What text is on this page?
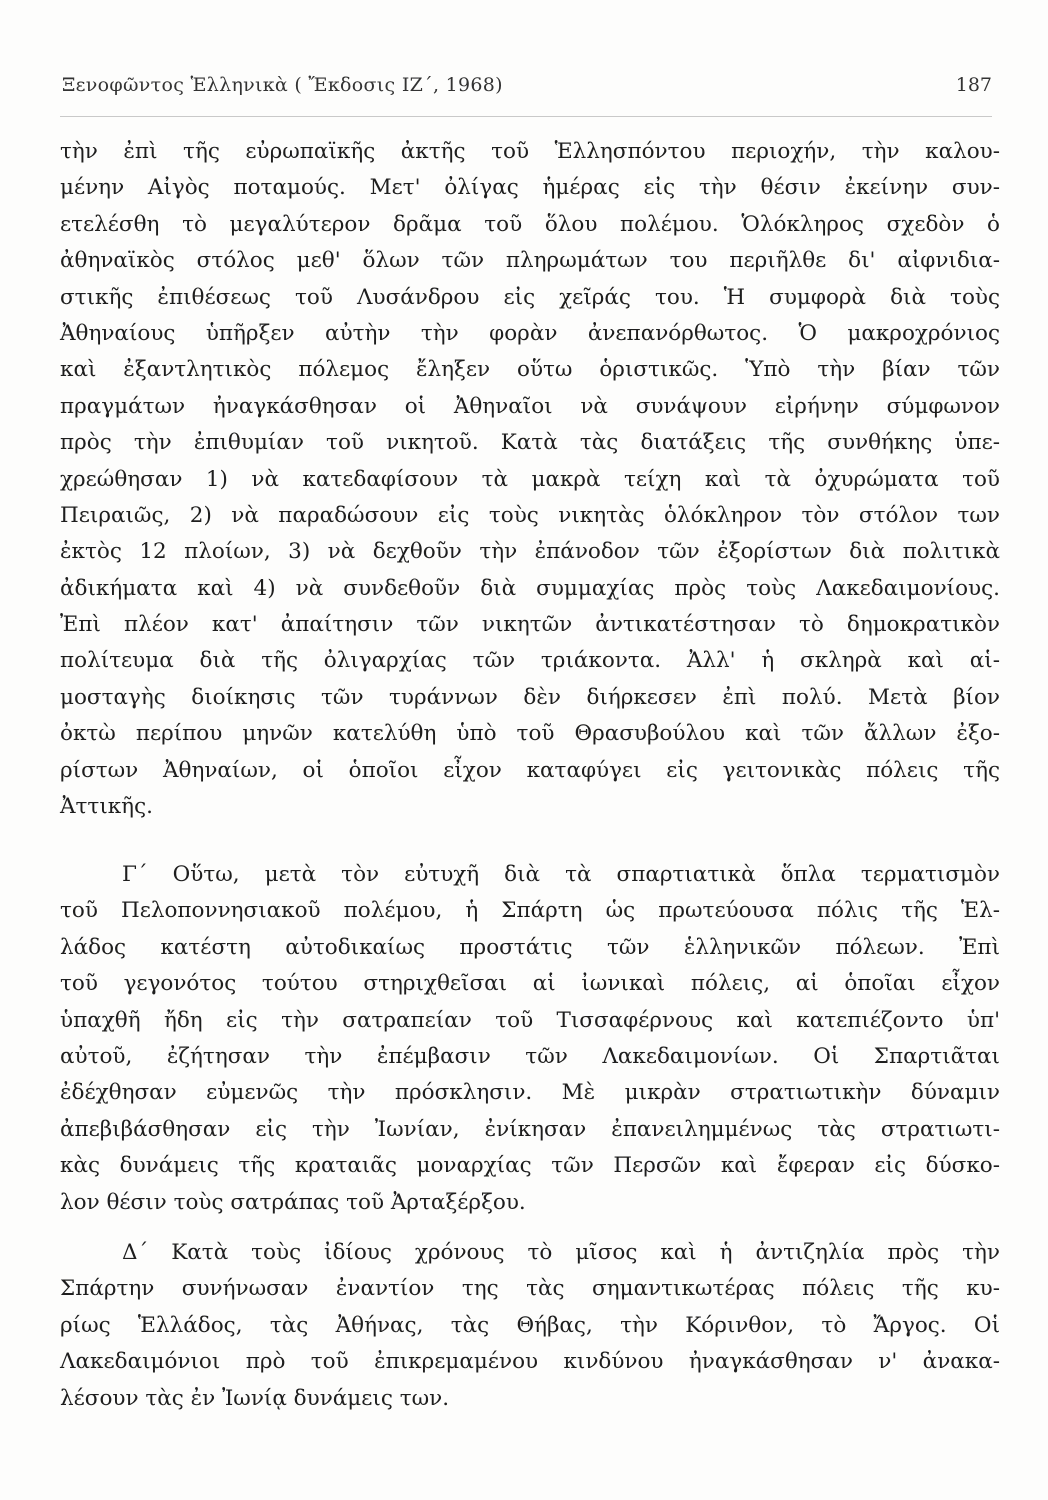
Ξενοφῶντος Ἑλληνικὰ ( Ἔκδοσις ΙΖ΄, 1968)	187
τὴν ἐπὶ τῆς εὐρωπαϊκῆς ἀκτῆς τοῦ Ἑλλησπόντου περιοχήν, τὴν καλου-
μένην Αἰγὸς ποταμούς. Μετ' ὀλίγας ἡμέρας εἰς τὴν θέσιν ἐκείνην συν-
ετελέσθη τὸ μεγαλύτερον δρᾶμα τοῦ ὅλου πολέμου. Ὁλόκληρος σχεδὸν ὁ
ἀθηναϊκὸς στόλος μεθ' ὅλων τῶν πληρωμάτων του περιῆλθε δι' αἰφνιδια-
στικῆς ἐπιθέσεως τοῦ Λυσάνδρου εἰς χεῖράς του. Ἡ συμφορὰ διὰ τοὺς
Ἀθηναίους ὑπῆρξεν αὐτὴν τὴν φορὰν ἀνεπανόρθωτος. Ὁ μακροχρόνιος
καὶ ἐξαντλητικὸς πόλεμος ἔληξεν οὕτω ὁριστικῶς. Ὑπὸ τὴν βίαν τῶν
πραγμάτων ἠναγκάσθησαν οἱ Ἀθηναῖοι νὰ συνάψουν εἰρήνην σύμφωνον
πρὸς τὴν ἐπιθυμίαν τοῦ νικητοῦ. Κατὰ τὰς διατάξεις τῆς συνθήκης ὑπε-
χρεώθησαν 1) νὰ κατεδαφίσουν τὰ μακρὰ τείχη καὶ τὰ ὀχυρώματα τοῦ
Πειραιῶς, 2) νὰ παραδώσουν εἰς τοὺς νικητὰς ὁλόκληρον τὸν στόλον των
ἐκτὸς 12 πλοίων, 3) νὰ δεχθοῦν τὴν ἐπάνοδον τῶν ἐξορίστων διὰ πολιτικὰ
ἀδικήματα καὶ 4) νὰ συνδεθοῦν διὰ συμμαχίας πρὸς τοὺς Λακεδαιμονίους.
Ἐπὶ πλέον κατ' ἀπαίτησιν τῶν νικητῶν ἀντικατέστησαν τὸ δημοκρατικὸν
πολίτευμα διὰ τῆς ὀλιγαρχίας τῶν τριάκοντα. Ἀλλ' ἡ σκληρὰ καὶ αἱ-
μοσταγὴς διοίκησις τῶν τυράννων δὲν διήρκεσεν ἐπὶ πολύ. Μετὰ βίον
ὀκτὼ περίπου μηνῶν κατελύθη ὑπὸ τοῦ Θρασυβούλου καὶ τῶν ἄλλων ἐξο-
ρίστων Ἀθηναίων, οἱ ὁποῖοι εἶχον καταφύγει εἰς γειτονικὰς πόλεις τῆς
Ἀττικῆς.
Γ΄ Οὕτω, μετὰ τὸν εὐτυχῆ διὰ τὰ σπαρτιατικὰ ὅπλα τερματισμὸν
τοῦ Πελοποννησιακοῦ πολέμου, ἡ Σπάρτη ὡς πρωτεύουσα πόλις τῆς Ἑλ-
λάδος κατέστη αὐτοδικαίως προστάτις τῶν ἑλληνικῶν πόλεων. Ἐπὶ
τοῦ γεγονότος τούτου στηριχθεῖσαι αἱ ἰωνικαὶ πόλεις, αἱ ὁποῖαι εἶχον
ὑπαχθῆ ἤδη εἰς τὴν σατραπείαν τοῦ Τισσαφέρνους καὶ κατεπιέζοντο ὑπ'
αὐτοῦ, ἐζήτησαν τὴν ἐπέμβασιν τῶν Λακεδαιμονίων. Οἱ Σπαρτιᾶται
ἐδέχθησαν εὐμενῶς τὴν πρόσκλησιν. Μὲ μικρὰν στρατιωτικὴν δύναμιν
ἀπεβιβάσθησαν εἰς τὴν Ἰωνίαν, ἐνίκησαν ἐπανειλημμένως τὰς στρατιωτι-
κὰς δυνάμεις τῆς κραταιᾶς μοναρχίας τῶν Περσῶν καὶ ἔφεραν εἰς δύσκο-
λον θέσιν τοὺς σατράπας τοῦ Ἀρταξέρξου.
Δ΄ Κατὰ τοὺς ἰδίους χρόνους τὸ μῖσος καὶ ἡ ἀντιζηλία πρὸς τὴν
Σπάρτην συνήνωσαν ἐναντίον της τὰς σημαντικωτέρας πόλεις τῆς κυ-
ρίως Ἑλλάδος, τὰς Ἀθήνας, τὰς Θήβας, τὴν Κόρινθον, τὸ Ἄργος. Οἱ
Λακεδαιμόνιοι πρὸ τοῦ ἐπικρεμαμένου κινδύνου ἠναγκάσθησαν ν' ἀνακα-
λέσουν τὰς ἐν Ἰωνίᾳ δυνάμεις των.
